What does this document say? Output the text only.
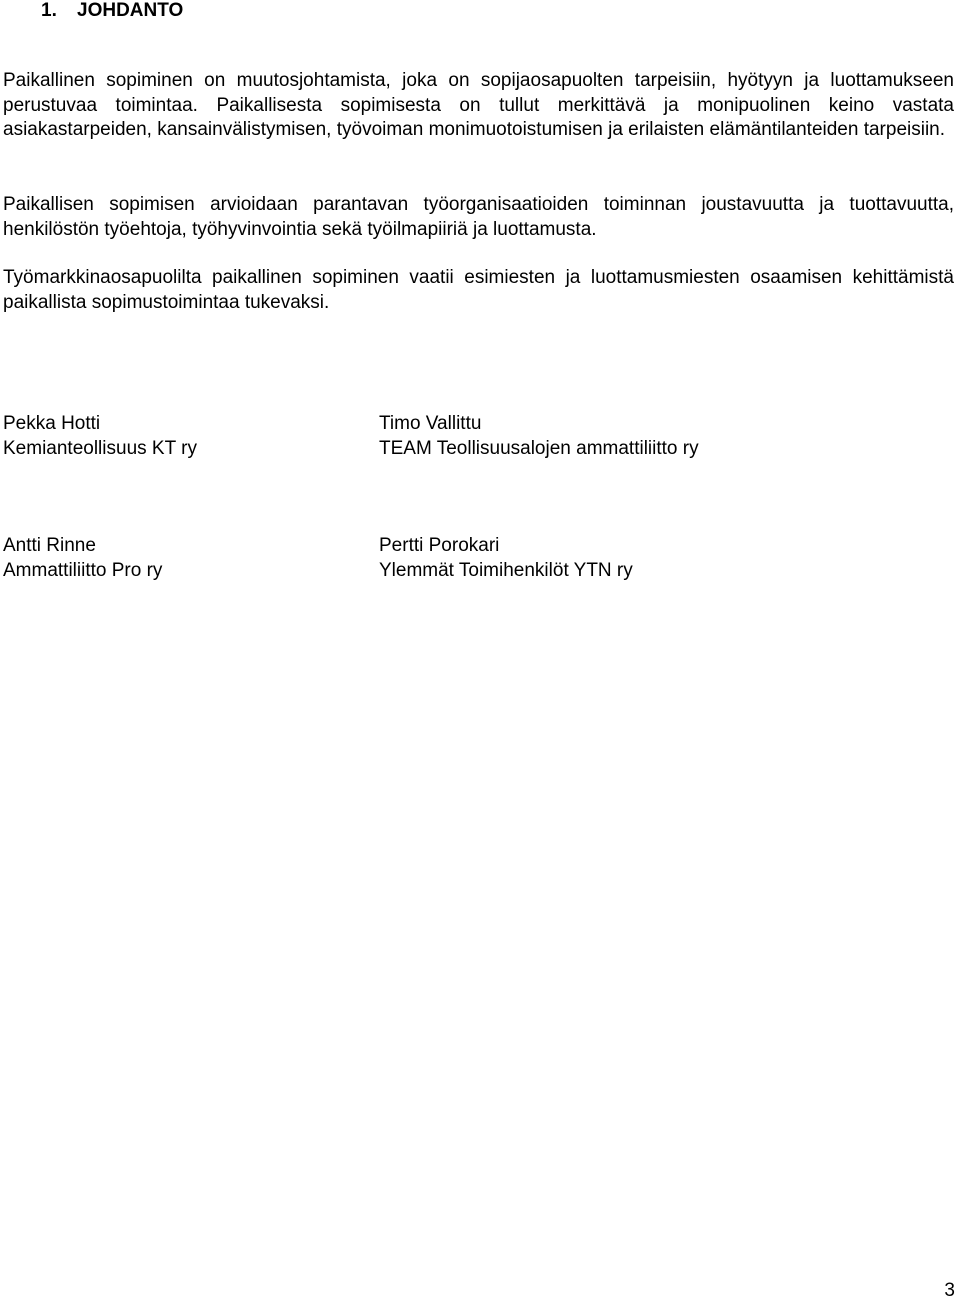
1. JOHDANTO

Paikallinen sopiminen on muutosjohtamista, joka on sopijaosapuolten tarpeisiin, hyötyyn ja luottamukseen perustuvaa toimintaa. Paikallisesta sopimisesta on tullut merkittävä ja monipuolinen keino vastata asiakastarpeiden, kansainvälistymisen, työvoiman monimuotoistumisen ja erilaisten elämäntilanteiden tarpeisiin.

Paikallisen sopimisen arvioidaan parantavan työorganisaatioiden toiminnan joustavuutta ja tuottavuutta, henkilöstön työehtoja, työhyvinvointia sekä työilmapiiriä ja luottamusta.

Työmarkkinaosapuolilta paikallinen sopiminen vaatii esimiesten ja luottamusmiesten osaamisen kehittämistä paikallista sopimustoimintaa tukevaksi.

Pekka Hotti
Kemianteollisuus KT ry
Timo Vallittu
TEAM Teollisuusalojen ammattiliitto ry
Antti Rinne
Ammattiliitto Pro ry
Pertti Porokari
Ylemmät Toimihenkilöt YTN ry
3
